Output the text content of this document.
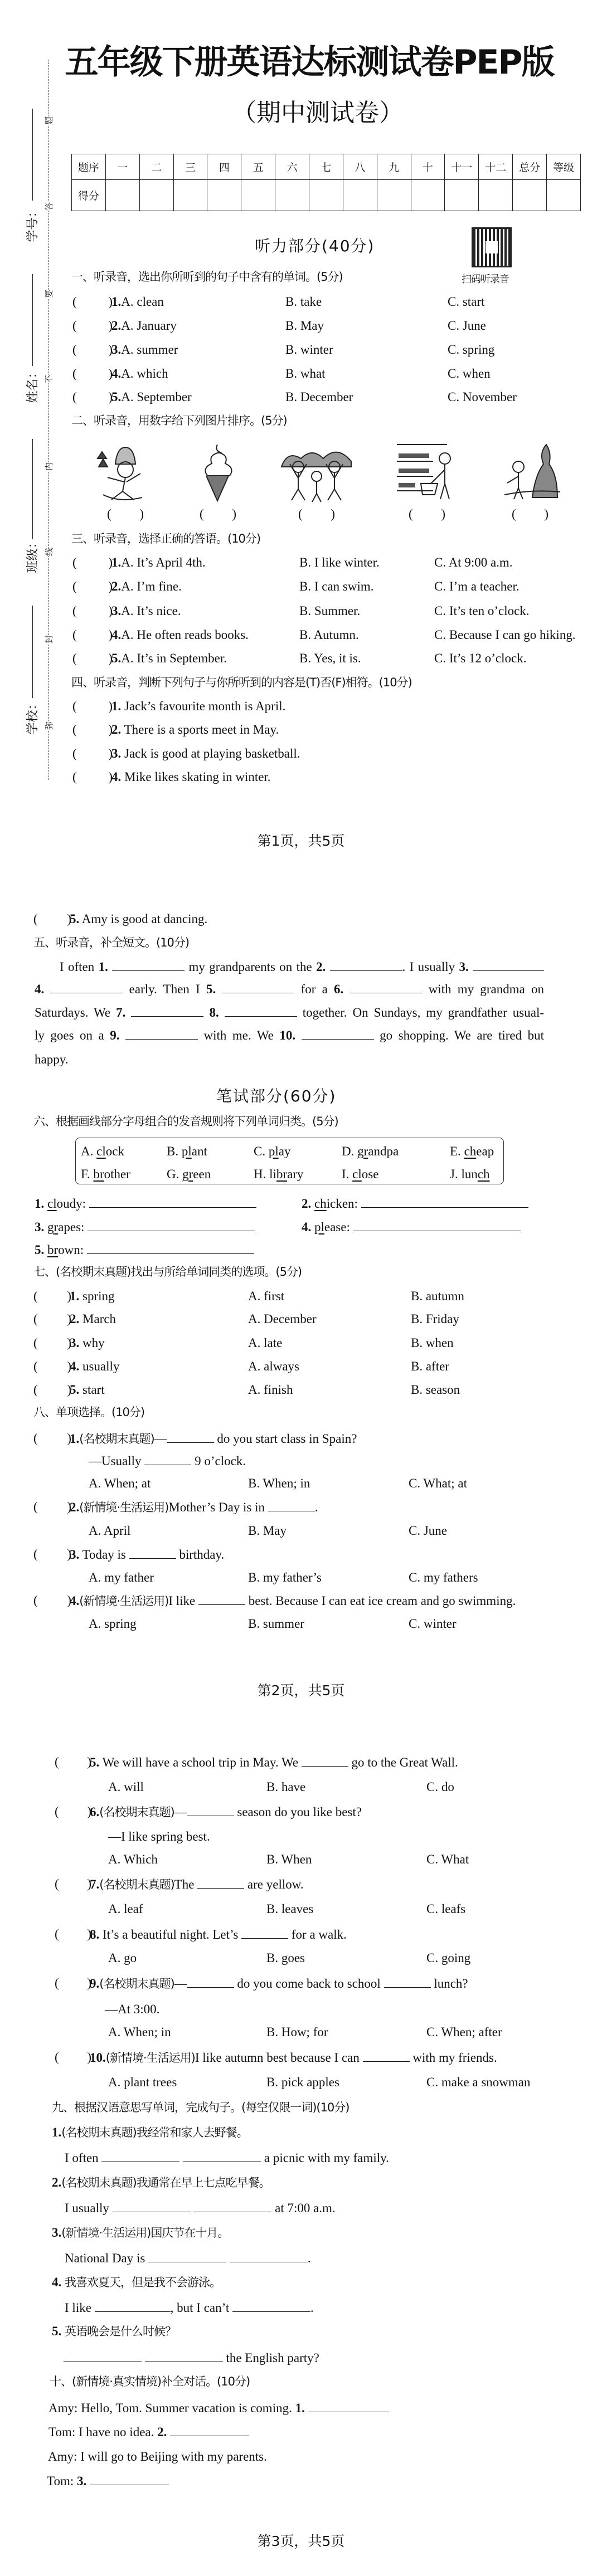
学号：
姓名：
班级：
学校：
题
答
要
不
内
线
封
弥
五年级下册英语达标测试卷PEP版
（期中测试卷）
题序	一	二	三	四	五	六	七	八	九	十	十一	十二	总分	等级
得分														
听力部分(40分)
扫码听录音
一、听录音，选出你所听到的句子中含有的单词。(5分)
( )
1.A. clean	B. take	C. start
( )
2.A. January	B. May	C. June
( )
3.A. summer	B. winter	C. spring
( )
4.A. which	B. what	C. when
( )
5.A. September	B. December	C. November
二、听录音，用数字给下列图片排序。(5分)
( )
( )
( )
( )
( )
三、听录音，选择正确的答语。(10分)
( )
1.A. It’s April 4th.	B. I like winter.	C. At 9:00 a.m.
( )
2.A. I’m fine.	B. I can swim.	C. I’m a teacher.
( )
3.A. It’s nice.	B. Summer.	C. It’s ten o’clock.
( )
4.A. He often reads books.	B. Autumn.	C. Because I can go hiking.
( )
5.A. It’s in September.	B. Yes, it is.	C. It’s 12 o’clock.
四、听录音，判断下列句子与你所听到的内容是(T)否(F)相符。(10分)
( )
1. Jack’s favourite month is April.
( )
2. There is a sports meet in May.
( )
3. Jack is good at playing basketball.
( )
4. Mike likes skating in winter.
第1页，共5页
( )
5. Amy is good at dancing.
五、听录音，补全短文。(10分)
I often 1.	my grandparents on the 2.	. I usually 3.
4.	early. Then I 5.	for a 6.	with my grandma on
Saturdays. We 7.	8.	together. On Sundays, my grandfather usual-
ly goes on a 9.	with me. We 10.	go shopping. We are tired but
happy.
笔试部分(60分)
六、根据画线部分字母组合的发音规则将下列单词归类。(5分)
A. clock	B. plant	C. play	D. grandpa	E. cheap
F. brother	G. green	H. library	I. close	J. lunch
1. cloudy:	2. chicken:
3. grapes:	4. please:
5. brown:
七、(名校期末真题)找出与所给单词同类的选项。(5分)
( )
1. spring	A. first	B. autumn
( )
2. March	A. December	B. Friday
( )
3. why	A. late	B. when
( )
4. usually	A. always	B. after
( )
5. start	A. finish	B. season
八、单项选择。(10分)
( )
1.(名校期末真题)—	do you start class in Spain?
—Usually	9 o’clock.
A. When; at	B. When; in	C. What; at
( )
2.(新情境·生活运用)Mother’s Day is in	.
A. April	B. May	C. June
( )
3. Today is	birthday.
A. my father	B. my father’s	C. my fathers
( )
4.(新情境·生活运用)I like	best. Because I can eat ice cream and go swimming.
A. spring	B. summer	C. winter
第2页，共5页
( )
5. We will have a school trip in May. We	go to the Great Wall.
A. will	B. have	C. do
( )
6.(名校期末真题)—	season do you like best?
—I like spring best.
A. Which	B. When	C. What
( )
7.(名校期末真题)The	are yellow.
A. leaf	B. leaves	C. leafs
( )
8. It’s a beautiful night. Let’s	for a walk.
A. go	B. goes	C. going
( )
9.(名校期末真题)—	do you come back to school	lunch?
—At 3:00.
A. When; in	B. How; for	C. When; after
( )
10.(新情境·生活运用)I like autumn best because I can	with my friends.
A. plant trees	B. pick apples	C. make a snowman
九、根据汉语意思写单词，完成句子。(每空仅限一词)(10分)
1.(名校期末真题)我经常和家人去野餐。
I often	a picnic with my family.
2.(名校期末真题)我通常在早上七点吃早餐。
I usually	at 7:00 a.m.
3.(新情境·生活运用)国庆节在十月。
National Day is	.
4. 我喜欢夏天，但是我不会游泳。
I like	, but I can’t	.
5. 英语晚会是什么时候？
the English party?
十、(新情境·真实情境)补全对话。(10分)
Amy: Hello, Tom. Summer vacation is coming. 1.
Tom: I have no idea. 2.
Amy: I will go to Beijing with my parents.
Tom: 3.
第3页，共5页
